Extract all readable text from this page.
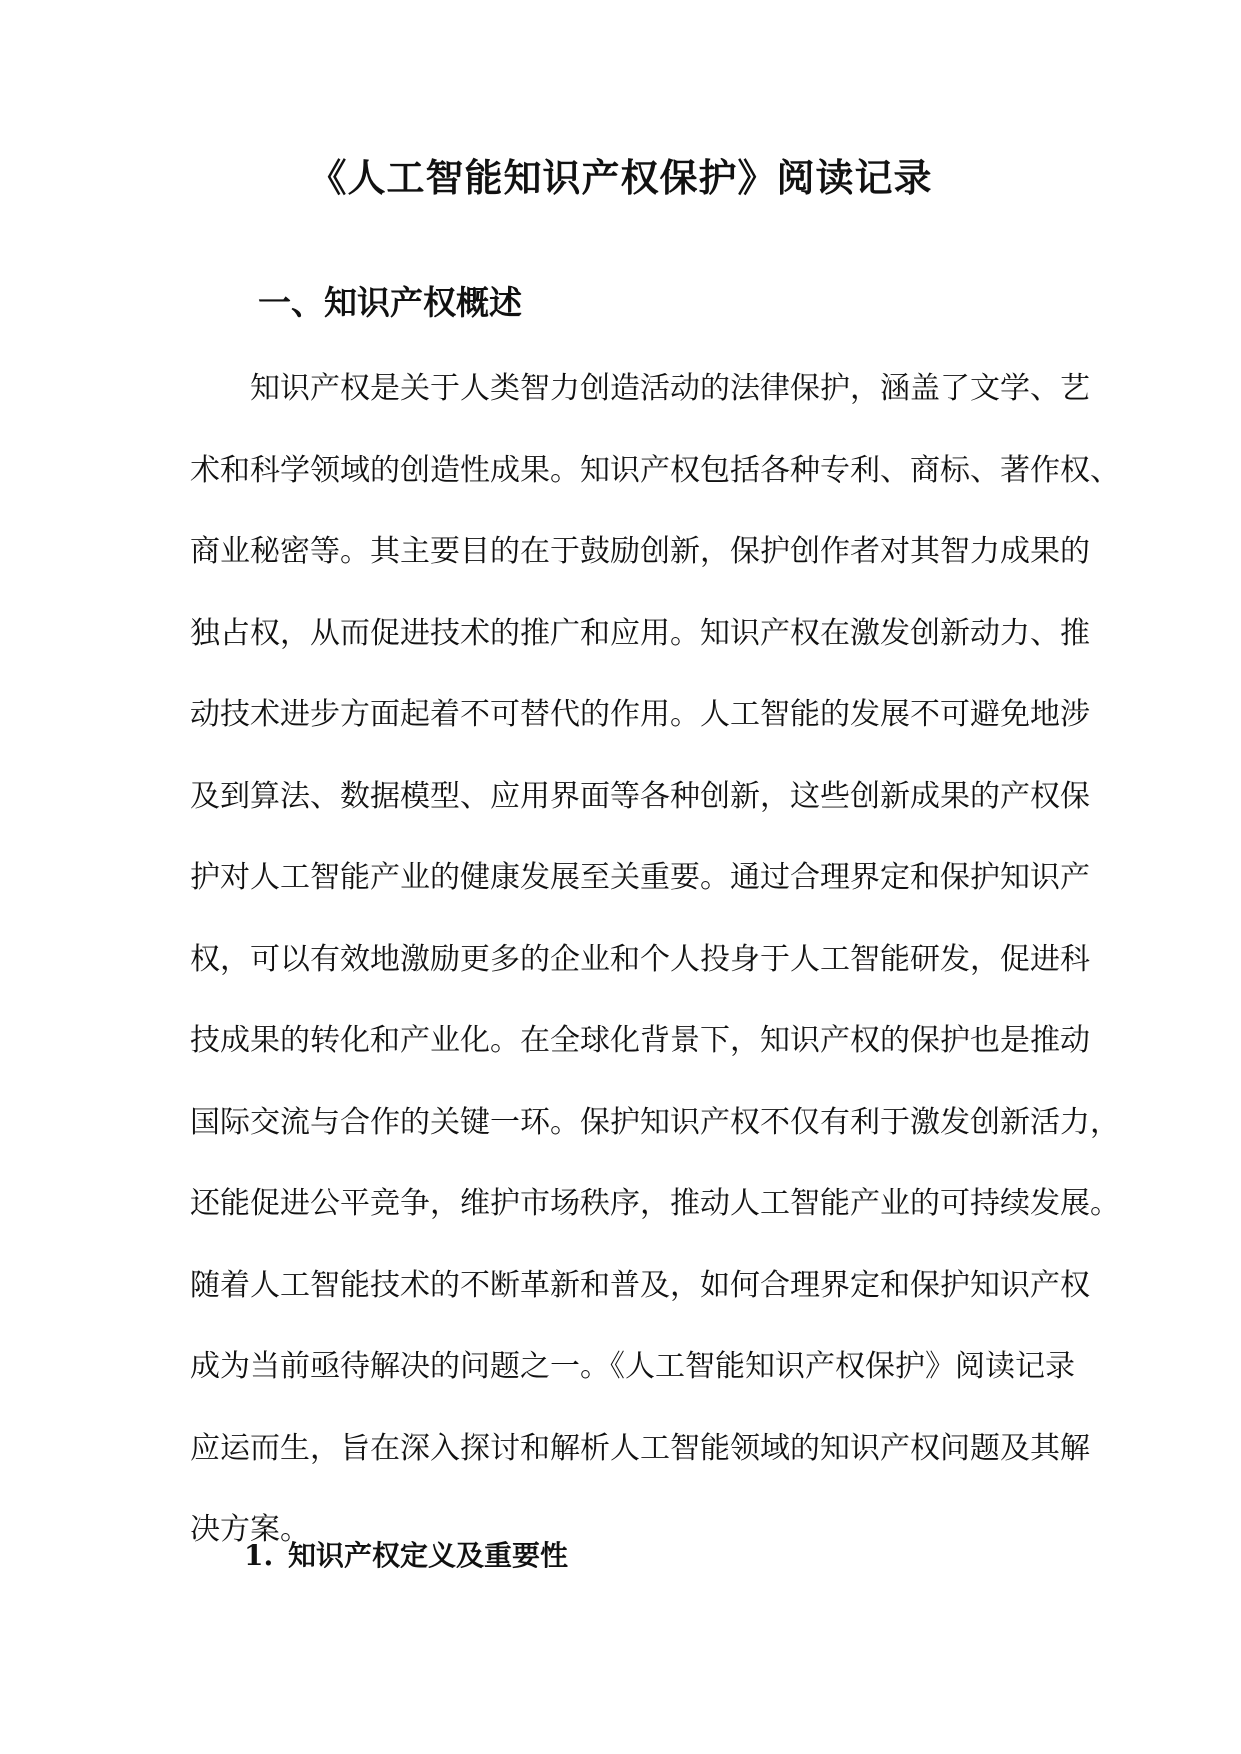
《人工智能知识产权保护》阅读记录
一、知识产权概述
知识产权是关于人类智力创造活动的法律保护，涵盖了文学、艺
术和科学领域的创造性成果。知识产权包括各种专利、商标、著作权、
商业秘密等。其主要目的在于鼓励创新，保护创作者对其智力成果的
独占权，从而促进技术的推广和应用。知识产权在激发创新动力、推
动技术进步方面起着不可替代的作用。人工智能的发展不可避免地涉
及到算法、数据模型、应用界面等各种创新，这些创新成果的产权保
护对人工智能产业的健康发展至关重要。通过合理界定和保护知识产
权，可以有效地激励更多的企业和个人投身于人工智能研发，促进科
技成果的转化和产业化。在全球化背景下，知识产权的保护也是推动
国际交流与合作的关键一环。保护知识产权不仅有利于激发创新活力，
还能促进公平竞争，维护市场秩序，推动人工智能产业的可持续发展。
随着人工智能技术的不断革新和普及，如何合理界定和保护知识产权
成为当前亟待解决的问题之一。《人工智能知识产权保护》阅读记录
应运而生，旨在深入探讨和解析人工智能领域的知识产权问题及其解
决方案。
1. 知识产权定义及重要性
